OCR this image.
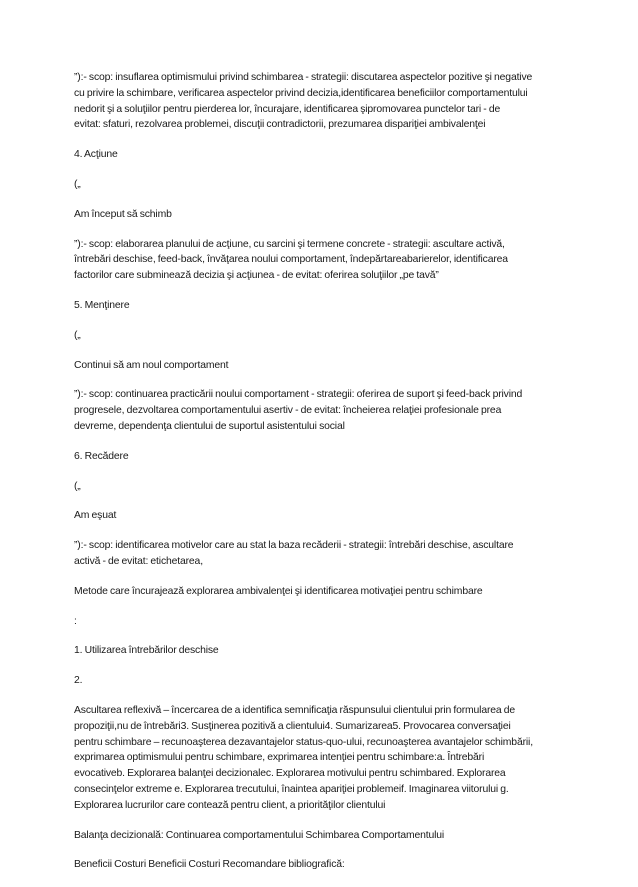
”):- scop: insuflarea optimismului privind schimbarea - strategii: discutarea aspectelor pozitive şi negative
cu privire la schimbare, verificarea aspectelor privind decizia,identificarea beneficiilor comportamentului
nedorit şi a soluţiilor pentru pierderea lor, încurajare, identificarea şipromovarea punctelor tari - de
evitat: sfaturi, rezolvarea problemei, discuţii contradictorii, prezumarea dispariţiei ambivalenţei
4. Acţiune
(„
Am început să schimb
”):- scop: elaborarea planului de acţiune, cu sarcini şi termene concrete - strategii: ascultare activă,
întrebări deschise, feed-back, învăţarea noului comportament, îndepărtareabarierelor, identificarea
factorilor care subminează decizia şi acţiunea - de evitat: oferirea soluţiilor „pe tavă”
5. Menţinere
(„
Continui să am noul comportament
”):- scop: continuarea practicării noului comportament - strategii: oferirea de suport şi feed-back privind
progresele, dezvoltarea comportamentului asertiv - de evitat: încheierea relaţiei profesionale prea
devreme, dependenţa clientului de suportul asistentului social
6. Recădere
(„
Am eşuat
”):- scop: identificarea motivelor care au stat la baza recăderii - strategii: întrebări deschise, ascultare
activă - de evitat: etichetarea,
Metode care încurajează explorarea ambivalenţei şi identificarea motivaţiei pentru schimbare
:
1. Utilizarea întrebărilor deschise
2.
Ascultarea reflexivă – încercarea de a identifica semnificaţia răspunsului clientului prin formularea de
propoziţii,nu de întrebări3. Susţinerea pozitivă a clientului4. Sumarizarea5. Provocarea conversaţiei
pentru schimbare – recunoaşterea dezavantajelor status-quo-ului, recunoaşterea avantajelor schimbării,
exprimarea optimismului pentru schimbare, exprimarea intenţiei pentru schimbare:a. Întrebări
evocativeb. Explorarea balanţei decizionalec. Explorarea motivului pentru schimbared. Explorarea
consecinţelor extreme e. Explorarea trecutului, înaintea apariţiei problemeif. Imaginarea viitorului g.
Explorarea lucrurilor care contează pentru client, a priorităţilor clientului
Balanţa decizională: Continuarea comportamentului Schimbarea Comportamentului
Beneficii Costuri Beneficii Costuri Recomandare bibliografică:
